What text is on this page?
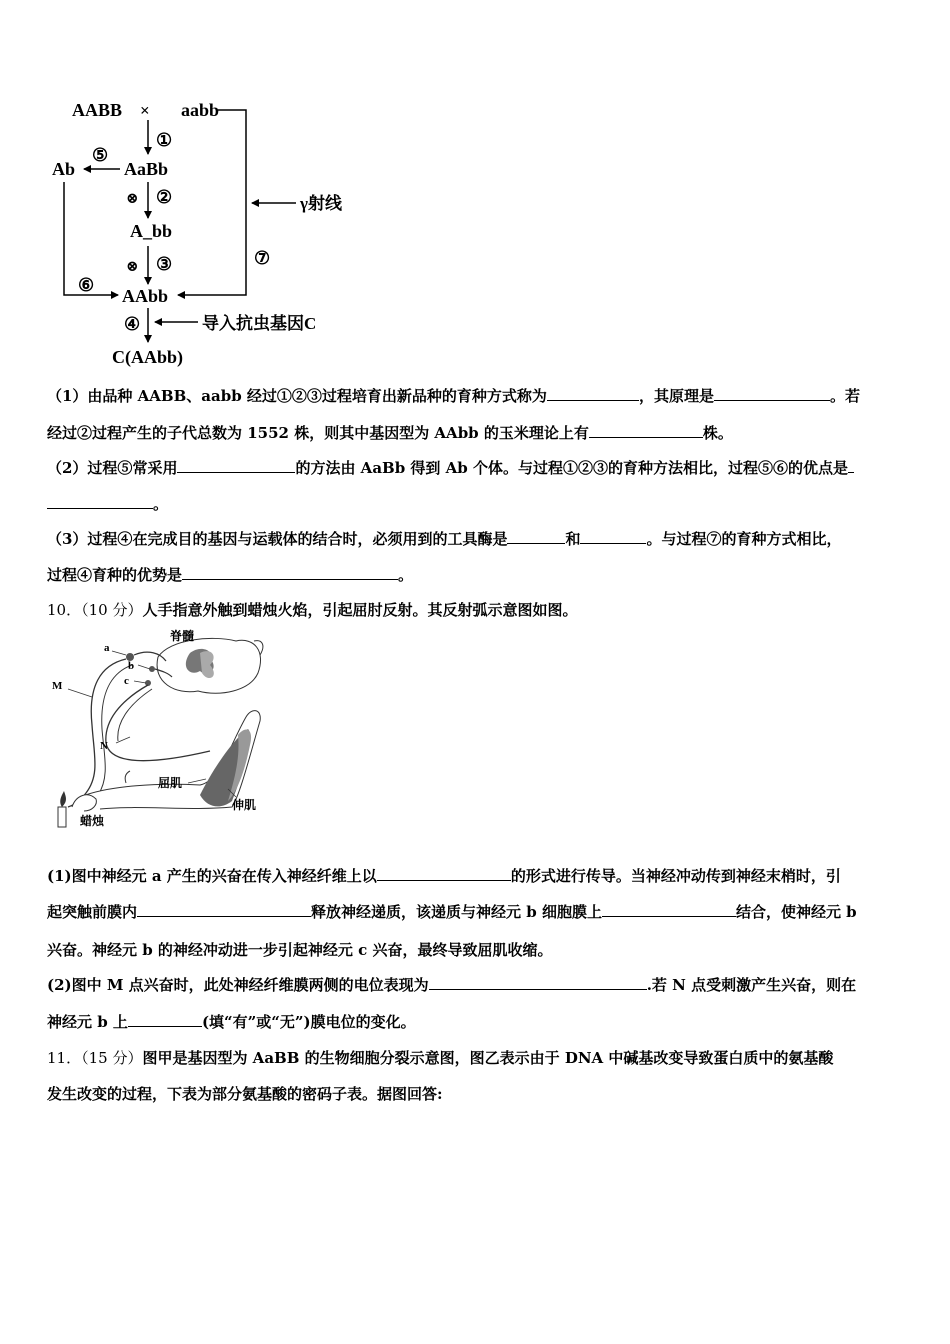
AABB × aabb
⑦
γ射线
①
AaBb
⑤
Ab
⑥
⊗ ②
A_bb
⊗ ③
AAbb
④	导入抗虫基因C
C(AAbb)
（1）由品种 AABB、aabb 经过①②③过程培育出新品种的育种方式称为	，其原理是	。若
经过②过程产生的子代总数为 1552 株，则其中基因型为 AAbb 的玉米理论上有	株。
（2）过程⑤常采用	的方法由 AaBb 得到 Ab 个体。与过程①②③的育种方法相比，过程⑤⑥的优点是
。
（3）过程④在完成目的基因与运载体的结合时，必须用到的工具酶是	和	。与过程⑦的育种方式相比，
过程④育种的优势是	。
10．（10 分）人手指意外触到蜡烛火焰，引起屈肘反射。其反射弧示意图如图。
脊髓
a
b
c
M
N
屈肌
伸肌
蜡烛
(1)图中神经元 a 产生的兴奋在传入神经纤维上以	的形式进行传导。当神经冲动传到神经末梢时，引
起突触前膜内	释放神经递质，该递质与神经元 b 细胞膜上	结合，使神经元 b
兴奋。神经元 b 的神经冲动进一步引起神经元 c 兴奋，最终导致屈肌收缩。
(2)图中 M 点兴奋时，此处神经纤维膜两侧的电位表现为	.若 N 点受刺激产生兴奋，则在
神经元 b 上	(填“有”或“无”)膜电位的变化。
11．（15 分）图甲是基因型为 AaBB 的生物细胞分裂示意图，图乙表示由于 DNA 中碱基改变导致蛋白质中的氨基酸
发生改变的过程，下表为部分氨基酸的密码子表。据图回答:
